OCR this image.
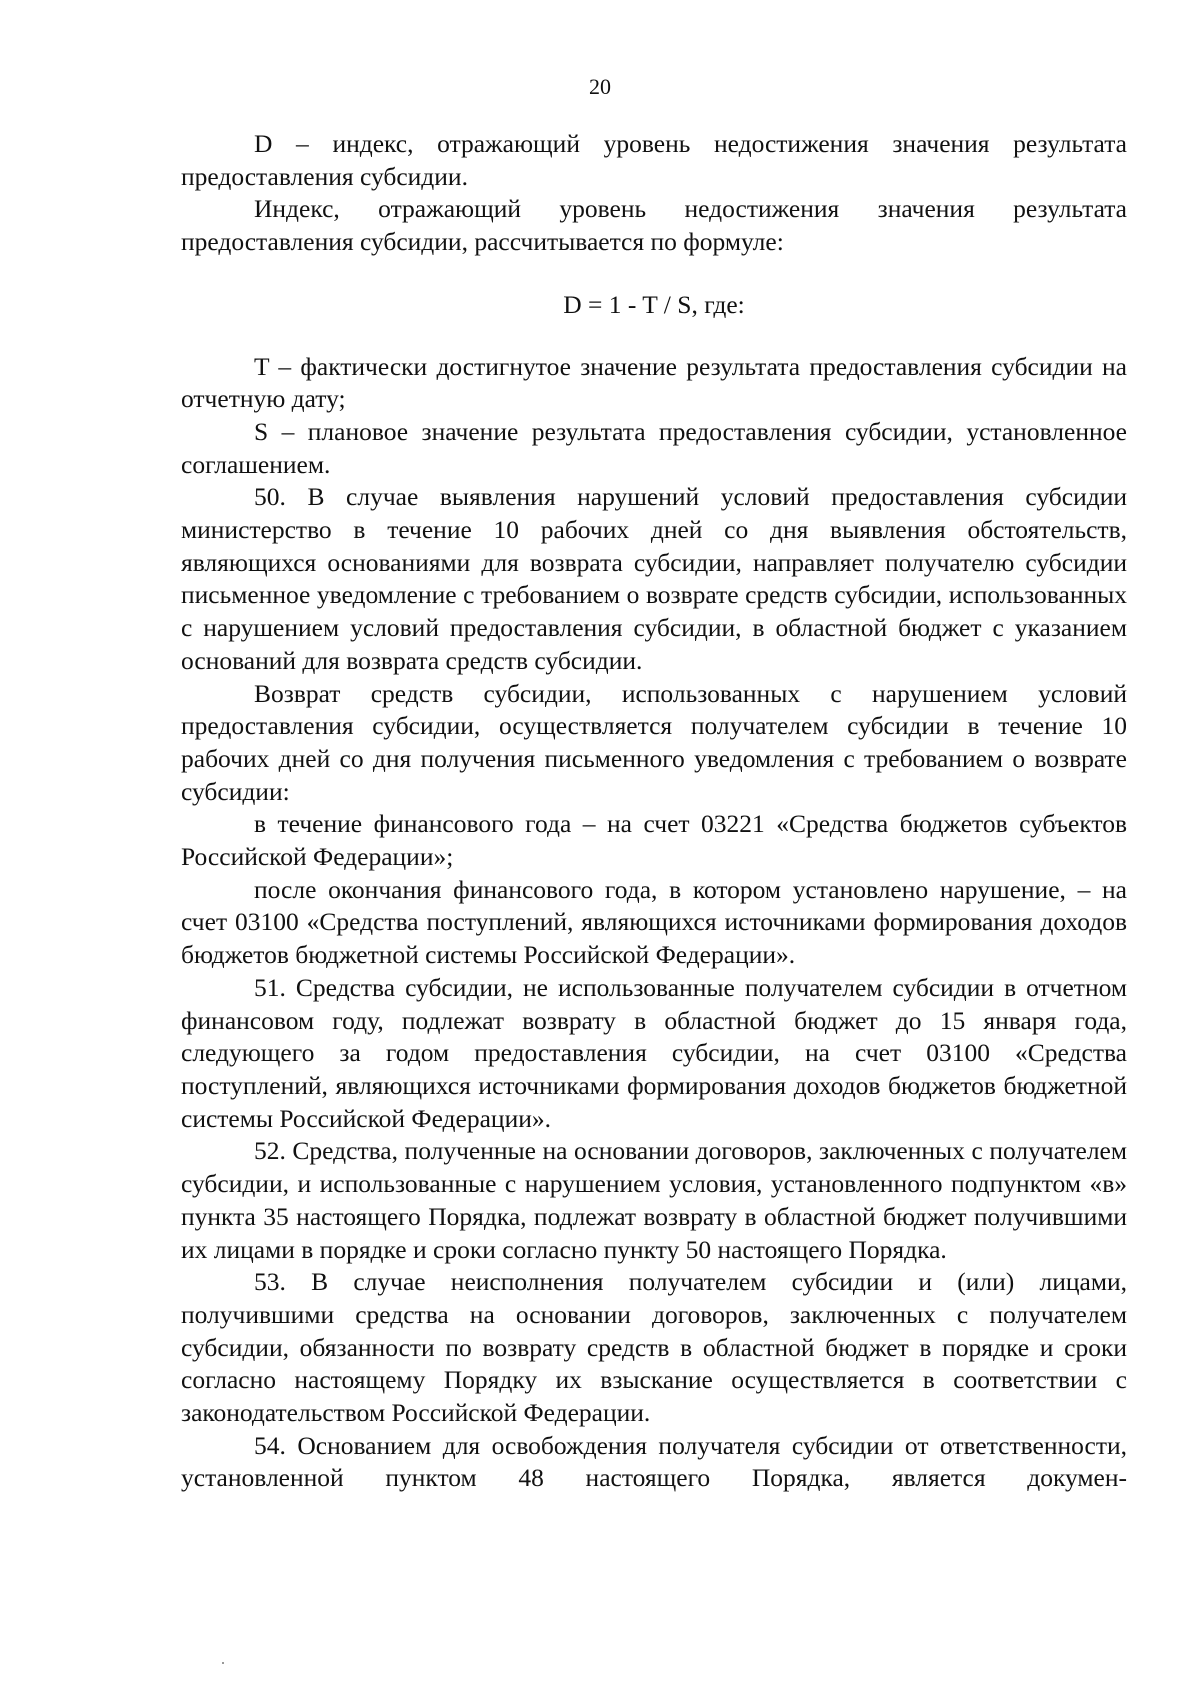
20

D – индекс, отражающий уровень недостижения значения результата предоставления субсидии.

Индекс, отражающий уровень недостижения значения результата предоставления субсидии, рассчитывается по формуле:

D = 1 - T / S, где:

T – фактически достигнутое значение результата предоставления субсидии на отчетную дату;

S – плановое значение результата предоставления субсидии, установленное соглашением.

50. В случае выявления нарушений условий предоставления субсидии министерство в течение 10 рабочих дней со дня выявления обстоятельств, являющихся основаниями для возврата субсидии, направляет получателю субсидии письменное уведомление с требованием о возврате средств субсидии, использованных с нарушением условий предоставления субсидии, в областной бюджет с указанием оснований для возврата средств субсидии.

Возврат средств субсидии, использованных с нарушением условий предоставления субсидии, осуществляется получателем субсидии в течение 10 рабочих дней со дня получения письменного уведомления с требованием о возврате субсидии:

в течение финансового года – на счет 03221 «Средства бюджетов субъектов Российской Федерации»;

после окончания финансового года, в котором установлено нарушение, – на счет 03100 «Средства поступлений, являющихся источниками формирования доходов бюджетов бюджетной системы Российской Федерации».

51. Средства субсидии, не использованные получателем субсидии в отчетном финансовом году, подлежат возврату в областной бюджет до 15 января года, следующего за годом предоставления субсидии, на счет 03100 «Средства поступлений, являющихся источниками формирования доходов бюджетов бюджетной системы Российской Федерации».

52. Средства, полученные на основании договоров, заключенных с получателем субсидии, и использованные с нарушением условия, установленного подпунктом «в» пункта 35 настоящего Порядка, подлежат возврату в областной бюджет получившими их лицами в порядке и сроки согласно пункту 50 настоящего Порядка.

53. В случае неисполнения получателем субсидии и (или) лицами, получившими средства на основании договоров, заключенных с получателем субсидии, обязанности по возврату средств в областной бюджет в порядке и сроки согласно настоящему Порядку их взыскание осуществляется в соответствии с законодательством Российской Федерации.

54. Основанием для освобождения получателя субсидии от ответственности, установленной пунктом 48 настоящего Порядка, является докумен-
